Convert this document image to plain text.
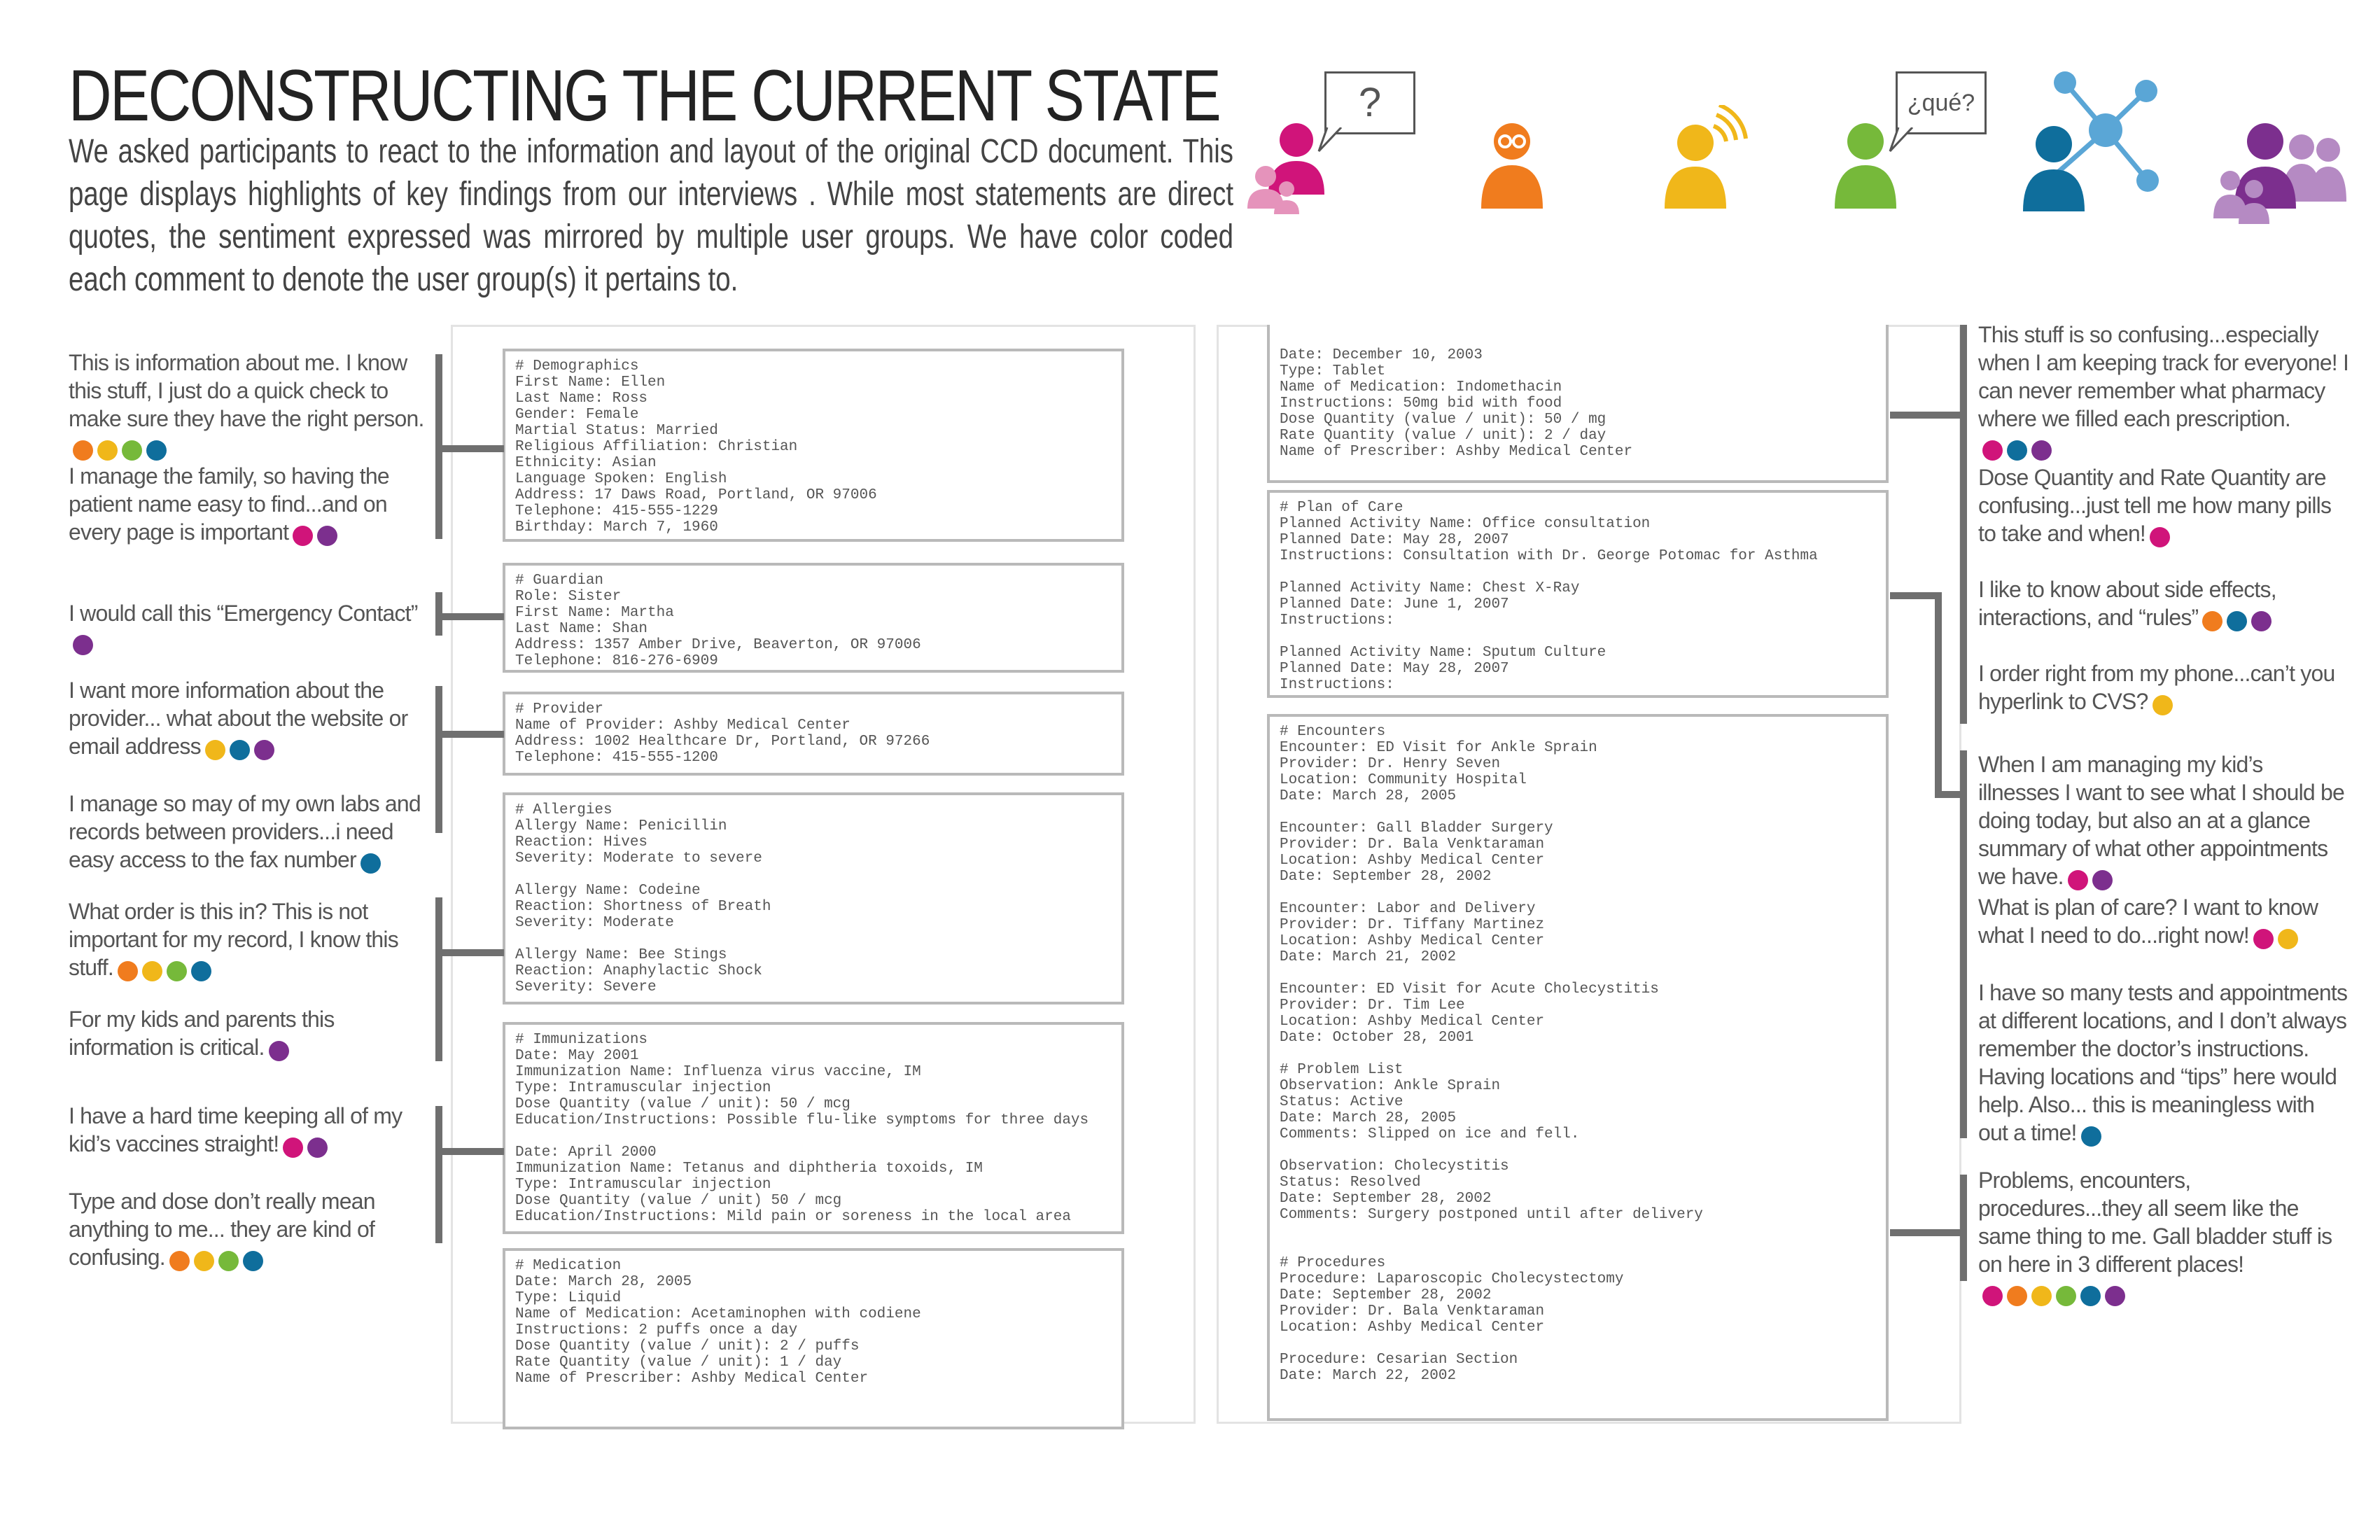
DECONSTRUCTING THE CURRENT STATE
We asked participants to react to the information and layout of the original CCD document. This page displays highlights of key findings from our interviews . While most statements are direct quotes, the sentiment expressed was mirrored by multiple user groups. We have color coded each comment to denote the user group(s) it pertains to.
?	¿qué?
# Demographics
First Name: Ellen
Last Name: Ross
Gender: Female
Martial Status: Married
Religious Affiliation: Christian
Ethnicity: Asian
Language Spoken: English
Address: 17 Daws Road, Portland, OR 97006
Telephone: 415-555-1229
Birthday: March 7, 1960
# Guardian
Role: Sister
First Name: Martha
Last Name: Shan
Address: 1357 Amber Drive, Beaverton, OR 97006
Telephone: 816-276-6909
# Provider
Name of Provider: Ashby Medical Center
Address: 1002 Healthcare Dr, Portland, OR 97266
Telephone: 415-555-1200
# Allergies
Allergy Name: Penicillin
Reaction: Hives
Severity: Moderate to severe
Allergy Name: Codeine
Reaction: Shortness of Breath
Severity: Moderate
Allergy Name: Bee Stings
Reaction: Anaphylactic Shock
Severity: Severe
# Immunizations
Date: May 2001
Immunization Name: Influenza virus vaccine, IM
Type: Intramuscular injection
Dose Quantity (value / unit): 50 / mcg
Education/Instructions: Possible flu-like symptoms for three days
Date: April 2000
Immunization Name: Tetanus and diphtheria toxoids, IM
Type: Intramuscular injection
Dose Quantity (value / unit) 50 / mcg
Education/Instructions: Mild pain or soreness in the local area
# Medication
Date: March 28, 2005
Type: Liquid
Name of Medication: Acetaminophen with codiene
Instructions: 2 puffs once a day
Dose Quantity (value / unit): 2 / puffs
Rate Quantity (value / unit): 1 / day
Name of Prescriber: Ashby Medical Center
Date: December 10, 2003
Type: Tablet
Name of Medication: Indomethacin
Instructions: 50mg bid with food
Dose Quantity (value / unit): 50 / mg
Rate Quantity (value / unit): 2 / day
Name of Prescriber: Ashby Medical Center
# Plan of Care
Planned Activity Name: Office consultation
Planned Date: May 28, 2007
Instructions: Consultation with Dr. George Potomac for Asthma
Planned Activity Name: Chest X-Ray
Planned Date: June 1, 2007
Instructions:
Planned Activity Name: Sputum Culture
Planned Date: May 28, 2007
Instructions:
# Encounters
Encounter: ED Visit for Ankle Sprain
Provider: Dr. Henry Seven
Location: Community Hospital
Date: March 28, 2005
Encounter: Gall Bladder Surgery
Provider: Dr. Bala Venktaraman
Location: Ashby Medical Center
Date: September 28, 2002
Encounter: Labor and Delivery
Provider: Dr. Tiffany Martinez
Location: Ashby Medical Center
Date: March 21, 2002
Encounter: ED Visit for Acute Cholecystitis
Provider: Dr. Tim Lee
Location: Ashby Medical Center
Date: October 28, 2001
# Problem List
Observation: Ankle Sprain
Status: Active
Date: March 28, 2005
Comments: Slipped on ice and fell.
Observation: Cholecystitis
Status: Resolved
Date: September 28, 2002
Comments: Surgery postponed until after delivery
# Procedures
Procedure: Laparoscopic Cholecystectomy
Date: September 28, 2002
Provider: Dr. Bala Venktaraman
Location: Ashby Medical Center
Procedure: Cesarian Section
Date: March 22, 2002
This is information about me. I know this stuff, I just do a quick check to make sure they have the right person.
I manage the family, so having the patient name easy to find...and on every page is important
I would call this “Emergency Contact”
I want more information about the provider... what about the website or email address
I manage so may of my own labs and records between providers...i need easy access to the fax number
What order is this in? This is not important for my record, I know this stuff.
For my kids and parents this information is critical.
I have a hard time keeping all of my kid’s vaccines straight!
Type and dose don’t really mean anything to me... they are kind of confusing.
This stuff is so confusing...especially when I am keeping track for everyone! I can never remember what pharmacy where we filled each prescription.
Dose Quantity and Rate Quantity are confusing...just tell me how many pills to take and when!
I like to know about side effects, interactions, and “rules”
I order right from my phone...can’t you hyperlink to CVS?
When I am managing my kid’s illnesses I want to see what I should be doing today, but also an at a glance summary of what other appointments we have.
What is plan of care? I want to know what I need to do...right now!
I have so many tests and appointments at different locations, and I don’t always remember the doctor’s instructions. Having locations and “tips” here would help. Also... this is meaningless with out a time!
Problems, encounters, procedures...they all seem like the same thing to me. Gall bladder stuff is on here in 3 different places!
